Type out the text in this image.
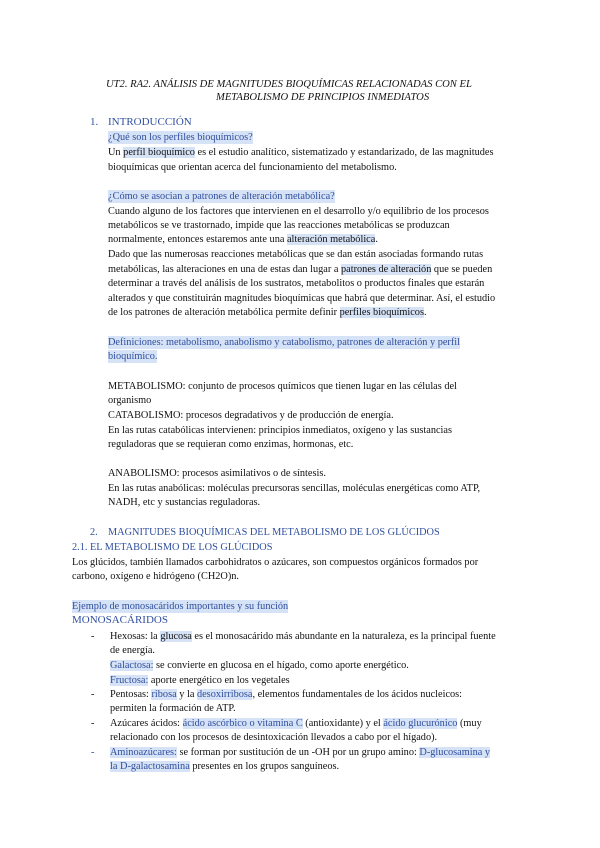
UT2. RA2. ANÁLISIS DE MAGNITUDES BIOQUÍMICAS RELACIONADAS CON EL
METABOLISMO DE PRINCIPIOS INMEDIATOS
1. INTRODUCCIÓN
¿Qué son los perfiles bioquímicos?
Un perfil bioquímico es el estudio analítico, sistematizado y estandarizado, de las magnitudes
bioquímicas que orientan acerca del funcionamiento del metabolismo.
¿Cómo se asocian a patrones de alteración metabólica?
Cuando alguno de los factores que intervienen en el desarrollo y/o equilibrio de los procesos
metabólicos se ve trastornado, impide que las reacciones metabólicas se produzcan
normalmente, entonces estaremos ante una alteración metabólica.
Dado que las numerosas reacciones metabólicas que se dan están asociadas formando rutas
metabólicas, las alteraciones en una de estas dan lugar a patrones de alteración que se pueden
determinar a través del análisis de los sustratos, metabolitos o productos finales que estarán
alterados y que constituirán magnitudes bioquímicas que habrá que determinar. Así, el estudio
de los patrones de alteración metabólica permite definir perfiles bioquímicos.
Definiciones: metabolismo, anabolismo y catabolismo, patrones de alteración y perfil
bioquímico.
METABOLISMO: conjunto de procesos químicos que tienen lugar en las células del
organismo
CATABOLISMO: procesos degradativos y de producción de energía.
En las rutas catabólicas intervienen: principios inmediatos, oxígeno y las sustancias
reguladoras que se requieran como enzimas, hormonas, etc.
ANABOLISMO: procesos asimilativos o de síntesis.
En las rutas anabólicas: moléculas precursoras sencillas, moléculas energéticas como ATP,
NADH, etc y sustancias reguladoras.
2. MAGNITUDES BIOQUÍMICAS DEL METABOLISMO DE LOS GLÚCIDOS
2.1. EL METABOLISMO DE LOS GLÚCIDOS
Los glúcidos, también llamados carbohidratos o azúcares, son compuestos orgánicos formados por
carbono, oxígeno e hidrógeno (CH2O)n.
Ejemplo de monosacáridos importantes y su función
MONOSACÁRIDOS
- Hexosas: la glucosa es el monosacárido más abundante en la naturaleza, es la principal fuente
de energía.
Galactosa: se convierte en glucosa en el hígado, como aporte energético.
Fructosa: aporte energético en los vegetales
- Pentosas: ribosa y la desoxirribosa, elementos fundamentales de los ácidos nucleicos:
permiten la formación de ATP.
- Azúcares ácidos: ácido ascórbico o vitamina C (antioxidante) y el ácido glucurónico (muy
relacionado con los procesos de desintoxicación llevados a cabo por el hígado).
- Aminoazúcares: se forman por sustitución de un -OH por un grupo amino: D-glucosamina y
la D-galactosamina presentes en los grupos sanguíneos.
